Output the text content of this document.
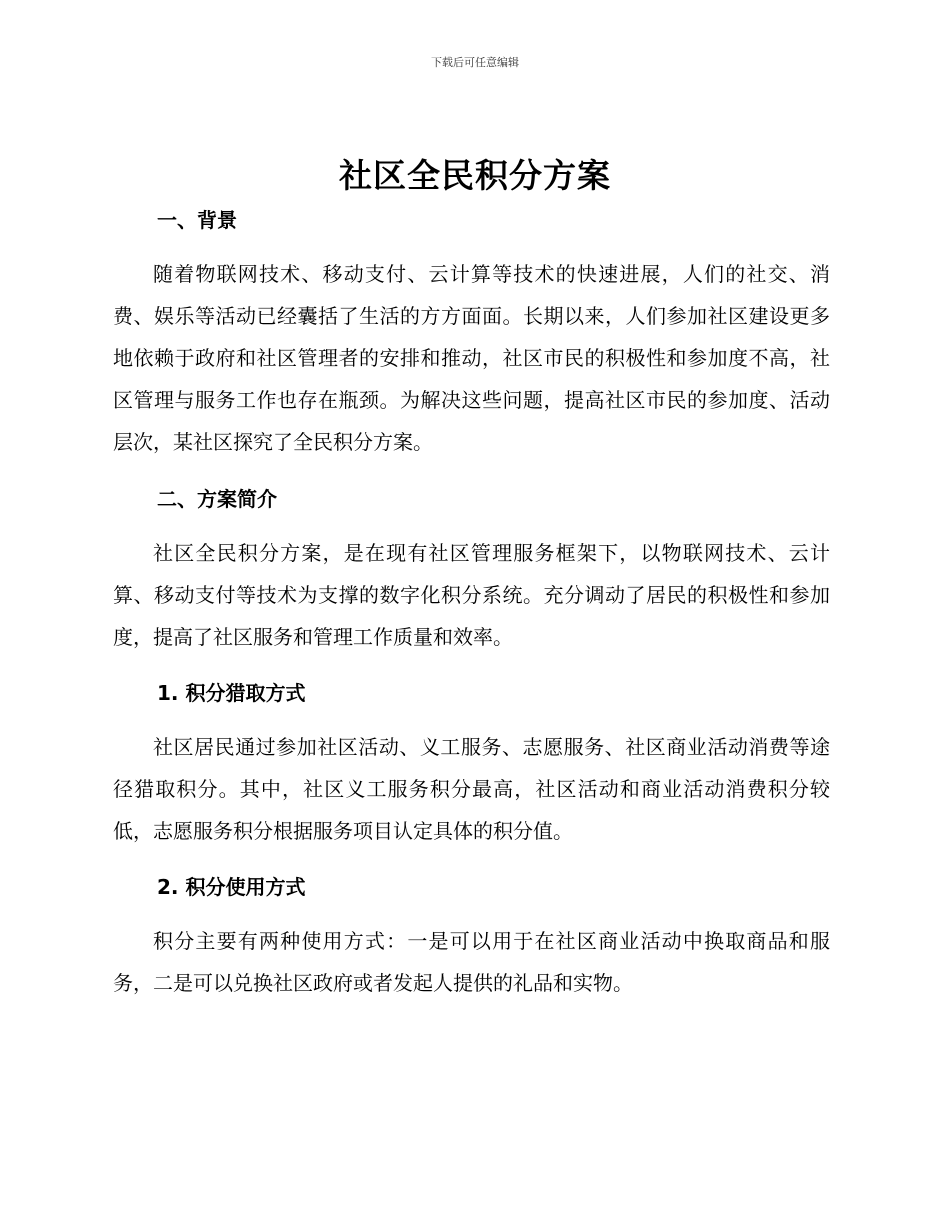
下载后可任意编辑
社区全民积分方案
一、背景

随着物联网技术、移动支付、云计算等技术的快速进展，人们的社交、消费、娱乐等活动已经囊括了生活的方方面面。长期以来，人们参加社区建设更多地依赖于政府和社区管理者的安排和推动，社区市民的积极性和参加度不高，社区管理与服务工作也存在瓶颈。为解决这些问题，提高社区市民的参加度、活动层次，某社区探究了全民积分方案。

二、方案简介

社区全民积分方案，是在现有社区管理服务框架下，以物联网技术、云计算、移动支付等技术为支撑的数字化积分系统。充分调动了居民的积极性和参加度，提高了社区服务和管理工作质量和效率。

1. 积分猎取方式

社区居民通过参加社区活动、义工服务、志愿服务、社区商业活动消费等途径猎取积分。其中，社区义工服务积分最高，社区活动和商业活动消费积分较低，志愿服务积分根据服务项目认定具体的积分值。

2. 积分使用方式

积分主要有两种使用方式：一是可以用于在社区商业活动中换取商品和服务，二是可以兑换社区政府或者发起人提供的礼品和实物。
